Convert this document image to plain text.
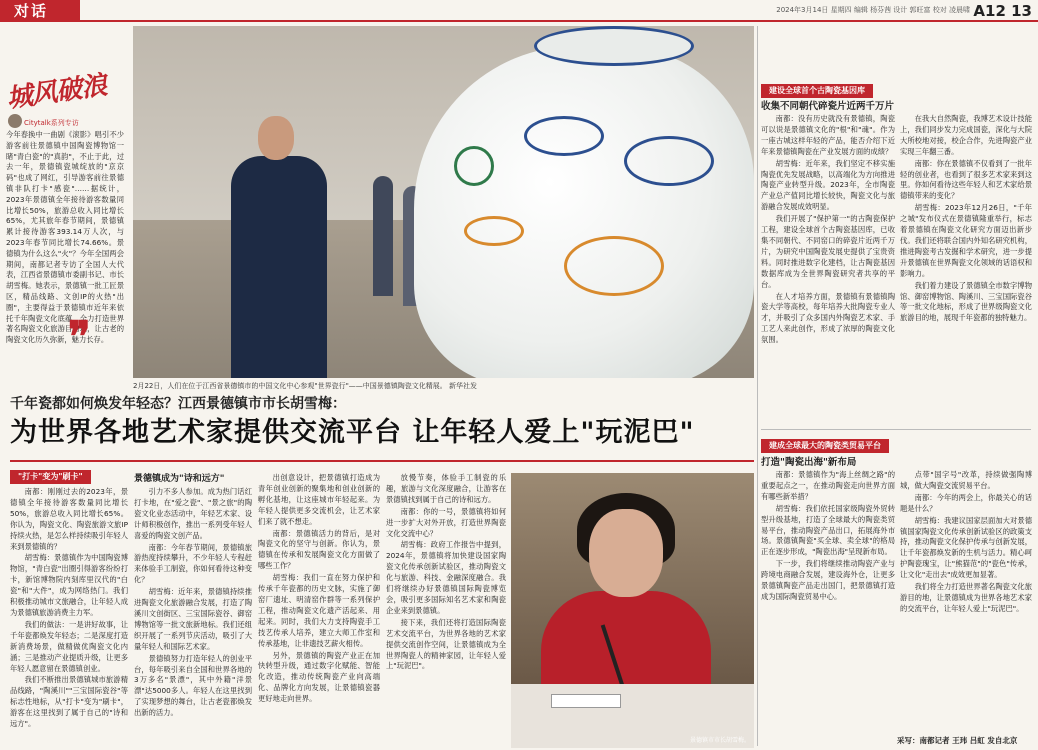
对话	2024年3月14日 星期四 编辑 杨芬茜 设计 郭旺富 校对 凌晨啸 A12 13
城风破浪
Citytalk系列专访
今年春换中一曲剧《滚影》唱引不少游客前往景德镇中国陶瓷博物馆一睹"青白瓷"的"真韵"，不止于此，过去一年，景德镇瓷城绽放的"京京码"也成了网红，引导游客前往景德镇非队打卡"感瓷"……据统计，2023年景德镇全年接待游客数量同比增长50%，旅游总收入同比增长65%，尤其旅年春节期间，景德镇累计接待游客393.14万人次，与2023年春节同比增长74.66%。景德镇为什么这么"火"？今年全国两会期间，南都记者专访了全国人大代表，江西省景德镇市委副书记、市长胡雪梅。她表示，景德镇一批工匠景区，精品线路、文创IP的火热"出圈"，主要得益于景德镇市近年来依托千年陶瓷文化底蕴，全力打造世界著名陶瓷文化旅游目的地，让古老的陶瓷文化历久弥新，魅力长存。
❞
2月22日，人们在位于江西省景德镇市的中国文化中心参观"世界瓷行"——中国景德镇陶瓷文化精展。 新华社发
千年瓷都如何焕发年轻态？江西景德镇市市长胡雪梅：
为世界各地艺术家提供交流平台 让年轻人爱上"玩泥巴"
"打卡"变为"刷卡"	景德镇成为"诗和远方"

南都：刚刚过去的2023年，景德镇全年接待游客数量同比增长50%，旅游总收入同比增长65%。你认为，陶瓷文化、陶瓷旅游文旅IP持续火热，是怎么样持续吸引年轻人来到景德镇的？

胡雪梅：景德镇作为中国陶瓷博物馆，"青白瓷"出圈引得游客纷纷打卡，新馆博物院内刻库里汉代的"白瓷"和"大件"，成为网络热门。我们积极推动城市文旅融合，让年轻人成为景德镇旅游消费主力军。

我们的做法：一是讲好故事，让千年瓷都焕发年轻态；二是深度打造新消费场景，做精做优陶瓷文化内涵；三是推动产业提质升级，让更多年轻人愿意留在景德镇创业。

我们不断推出景德镇城市旅游精品线路，"陶溪川""三宝国际瓷谷"等标志性地标，从"打卡"变为"刷卡"，游客在这里找到了属于自己的"诗和远方"。

引力不多人参加。成为热门话红打卡地，在"爱之瓷"、"景之旅"的陶瓷文化业态活动中，年轻艺术家、设计师积极创作，推出一系列受年轻人喜爱的陶瓷文创产品。

南都：今年春节期间，景德镇旅游热度持续攀升，不少年轻人专程赶来体验手工制瓷，你如何看待这种变化？

胡雪梅：近年来，景德镇持续推进陶瓷文化旅游融合发展，打造了陶溪川文创街区、三宝国际瓷谷、御窑博物馆等一批文旅新地标。我们还组织开展了一系列节庆活动，吸引了大量年轻人和国际艺术家。

景德镇努力打造年轻人的创业平台，每年吸引来自全国和世界各地的3万多名"景漂"，其中外籍"洋景漂"达5000多人。年轻人在这里找到了实现梦想的舞台，让古老瓷都焕发出新的活力。

出创意设计，把景德镇打造成为青年创业创新的聚集地和创业创新的孵化基地，让这座城市年轻起来。为年轻人提供更多交流机会，让艺术家们来了就不想走。

南都：景德镇活力的背后，是对陶瓷文化的坚守与创新。你认为，景德镇在传承和发展陶瓷文化方面做了哪些工作？

胡雪梅：我们一直在努力保护和传承千年瓷都的历史文脉，实施了御窑厂遗址、明清窑作群等一系列保护工程，推动陶瓷文化遗产活起来、用起来。同时，我们大力支持陶瓷手工技艺传承人培养，建立大师工作室和传承基地，让非遗技艺薪火相传。

另外，景德镇的陶瓷产业正在加快转型升级，通过数字化赋能、智能化改造，推动传统陶瓷产业向高端化、品牌化方向发展，让景德镇瓷器更好地走向世界。

放慢节奏，体验手工制瓷的乐趣，旅游与文化深度融合，让游客在景德镇找到属于自己的诗和远方。

南都：你的一号，景德镇将如何进一步扩大对外开放，打造世界陶瓷文化交流中心？

胡雪梅：政府工作报告中提到，2024年，景德镇将加快建设国家陶瓷文化传承创新试验区，推动陶瓷文化与旅游、科技、金融深度融合。我们将继续办好景德镇国际陶瓷博览会，吸引更多国际知名艺术家和陶瓷企业来到景德镇。

接下来，我们还将打造国际陶瓷艺术交流平台，为世界各地的艺术家提供交流创作空间，让景德镇成为全世界陶瓷人的精神家园，让年轻人爱上"玩泥巴"。

景德镇市市长胡雪梅。
建设全球首个古陶瓷基因库
收集不同朝代碎瓷片近两千万片

南都：没有历史就没有景德镇，陶瓷可以说是景德镇文化的"根"和"魂"。作为一座古城这样年轻的产品，能否介绍下近年来景德镇陶瓷在产业发展方面的成绩？

胡雪梅：近年来，我们坚定不移实施陶瓷优先发展战略，以高端化为方向推进陶瓷产业转型升级。2023年，全市陶瓷产业总产值同比增长较快，陶瓷文化与旅游融合发展成效明显。

我们开展了"保护第一"的古陶瓷保护工程，建设全球首个古陶瓷基因库，已收集不同朝代、不同窑口的碎瓷片近两千万片，为研究中国陶瓷发展史提供了宝贵资料。同时推进数字化建档，让古陶瓷基因数据库成为全世界陶瓷研究者共享的平台。

在人才培养方面，景德镇有景德镇陶瓷大学等高校，每年培养大批陶瓷专业人才，并吸引了众多国内外陶瓷艺术家、手工艺人来此创作，形成了浓厚的陶瓷文化氛围。

在我大自然陶瓷，我博艺术设计技能上，我们同步发力完成国瓷，深化与大院大所校地对接，校企合作，先进陶瓷产业实现三年翻三番。

南都：你在景德镇不仅看到了一批年轻的创业者，也看到了很多艺术家来到这里。你如何看待这些年轻人和艺术家给景德镇带来的变化？

胡雪梅：2023年12月26日，"千年之城"发布仪式在景德镇隆重举行，标志着景德镇在陶瓷文化研究方面迈出新步伐。我们还将联合国内外知名研究机构，推进陶瓷考古发掘和学术研究，进一步提升景德镇在世界陶瓷文化领域的话语权和影响力。

我们着力建设了景德镇全市数字博物馆、御窑博物馆、陶溪川、三宝国际瓷谷等一批文化地标，形成了世界级陶瓷文化旅游目的地，展现千年瓷都的独特魅力。

建成全球最大的陶瓷类贸易平台
打造"陶瓷出海"新布局

南都：景德镇作为"海上丝绸之路"的重要起点之一，在推动陶瓷走向世界方面有哪些新举措？

胡雪梅：我们依托国家级陶瓷外贸转型升级基地，打造了全球最大的陶瓷类贸易平台，推动陶瓷产品出口，拓展海外市场。景德镇陶瓷"买全球、卖全球"的格局正在逐步形成，"陶瓷出海"呈现新布局。

下一步，我们将继续推动陶瓷产业与跨境电商融合发展，建设海外仓，让更多景德镇陶瓷产品走出国门，把景德镇打造成为国际陶瓷贸易中心。

点带"国字号"改革，持续做强陶博城，做大陶瓷交流贸易平台。

南都：今年的两会上，你最关心的话题是什么？

胡雪梅：我建议国家层面加大对景德镇国家陶瓷文化传承创新试验区的政策支持，推动陶瓷文化保护传承与创新发展，让千年瓷都焕发新的生机与活力。精心呵护陶瓷瑰宝，让"熊猫范"的"瓷色"传承，让文化"走出去"成效更加显著。

我们将全力打造世界著名陶瓷文化旅游目的地，让景德镇成为世界各地艺术家的交流平台，让年轻人爱上"玩泥巴"。

采写：南都记者 王玮 吕虹 发自北京
